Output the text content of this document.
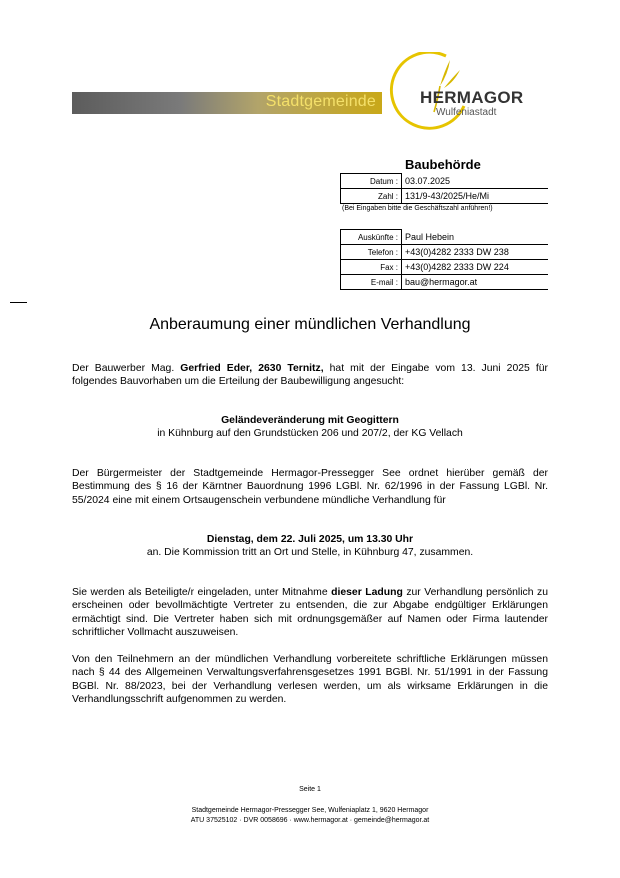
Stadtgemeinde	HERMAGOR
Wulfeniastadt
Baubehörde
Datum :	03.07.2025
Zahl :	131/9-43/2025/He/Mi
(Bei Eingaben bitte die Geschäftszahl anführen!)
Auskünfte :	Paul Hebein
Telefon :	+43(0)4282 2333 DW 238
Fax :	+43(0)4282 2333 DW 224
E-mail :	bau@hermagor.at
Anberaumung einer mündlichen Verhandlung

Der Bauwerber Mag. Gerfried Eder, 2630 Ternitz, hat mit der Eingabe vom 13. Juni 2025 für folgendes Bauvorhaben um die Erteilung der Baubewilligung angesucht:

Geländeveränderung mit Geogittern

in Kühnburg auf den Grundstücken 206 und 207/2, der KG Vellach

Der Bürgermeister der Stadtgemeinde Hermagor-Pressegger See ordnet hierüber gemäß der Bestimmung des § 16 der Kärntner Bauordnung 1996 LGBl. Nr. 62/1996 in der Fassung LGBl. Nr. 55/2024 eine mit einem Ortsaugenschein verbundene mündliche Verhandlung für

Dienstag, dem 22. Juli 2025, um 13.30 Uhr

an. Die Kommission tritt an Ort und Stelle, in Kühnburg 47, zusammen.

Sie werden als Beteiligte/r eingeladen, unter Mitnahme dieser Ladung zur Verhandlung persönlich zu erscheinen oder bevollmächtigte Vertreter zu entsenden, die zur Abgabe endgültiger Erklärungen ermächtigt sind. Die Vertreter haben sich mit ordnungsgemäßer auf Namen oder Firma lautender schriftlicher Vollmacht auszuweisen.

Von den Teilnehmern an der mündlichen Verhandlung vorbereitete schriftliche Erklärungen müssen nach § 44 des Allgemeinen Verwaltungsverfahrensgesetzes 1991 BGBl. Nr. 51/1991 in der Fassung BGBl. Nr. 88/2023, bei der Verhandlung verlesen werden, um als wirksame Erklärungen in die Verhandlungsschrift aufgenommen zu werden.

Seite 1
Stadtgemeinde Hermagor-Pressegger See, Wulfeniaplatz 1, 9620 Hermagor
ATU 37525102 · DVR 0058696 · www.hermagor.at · gemeinde@hermagor.at
